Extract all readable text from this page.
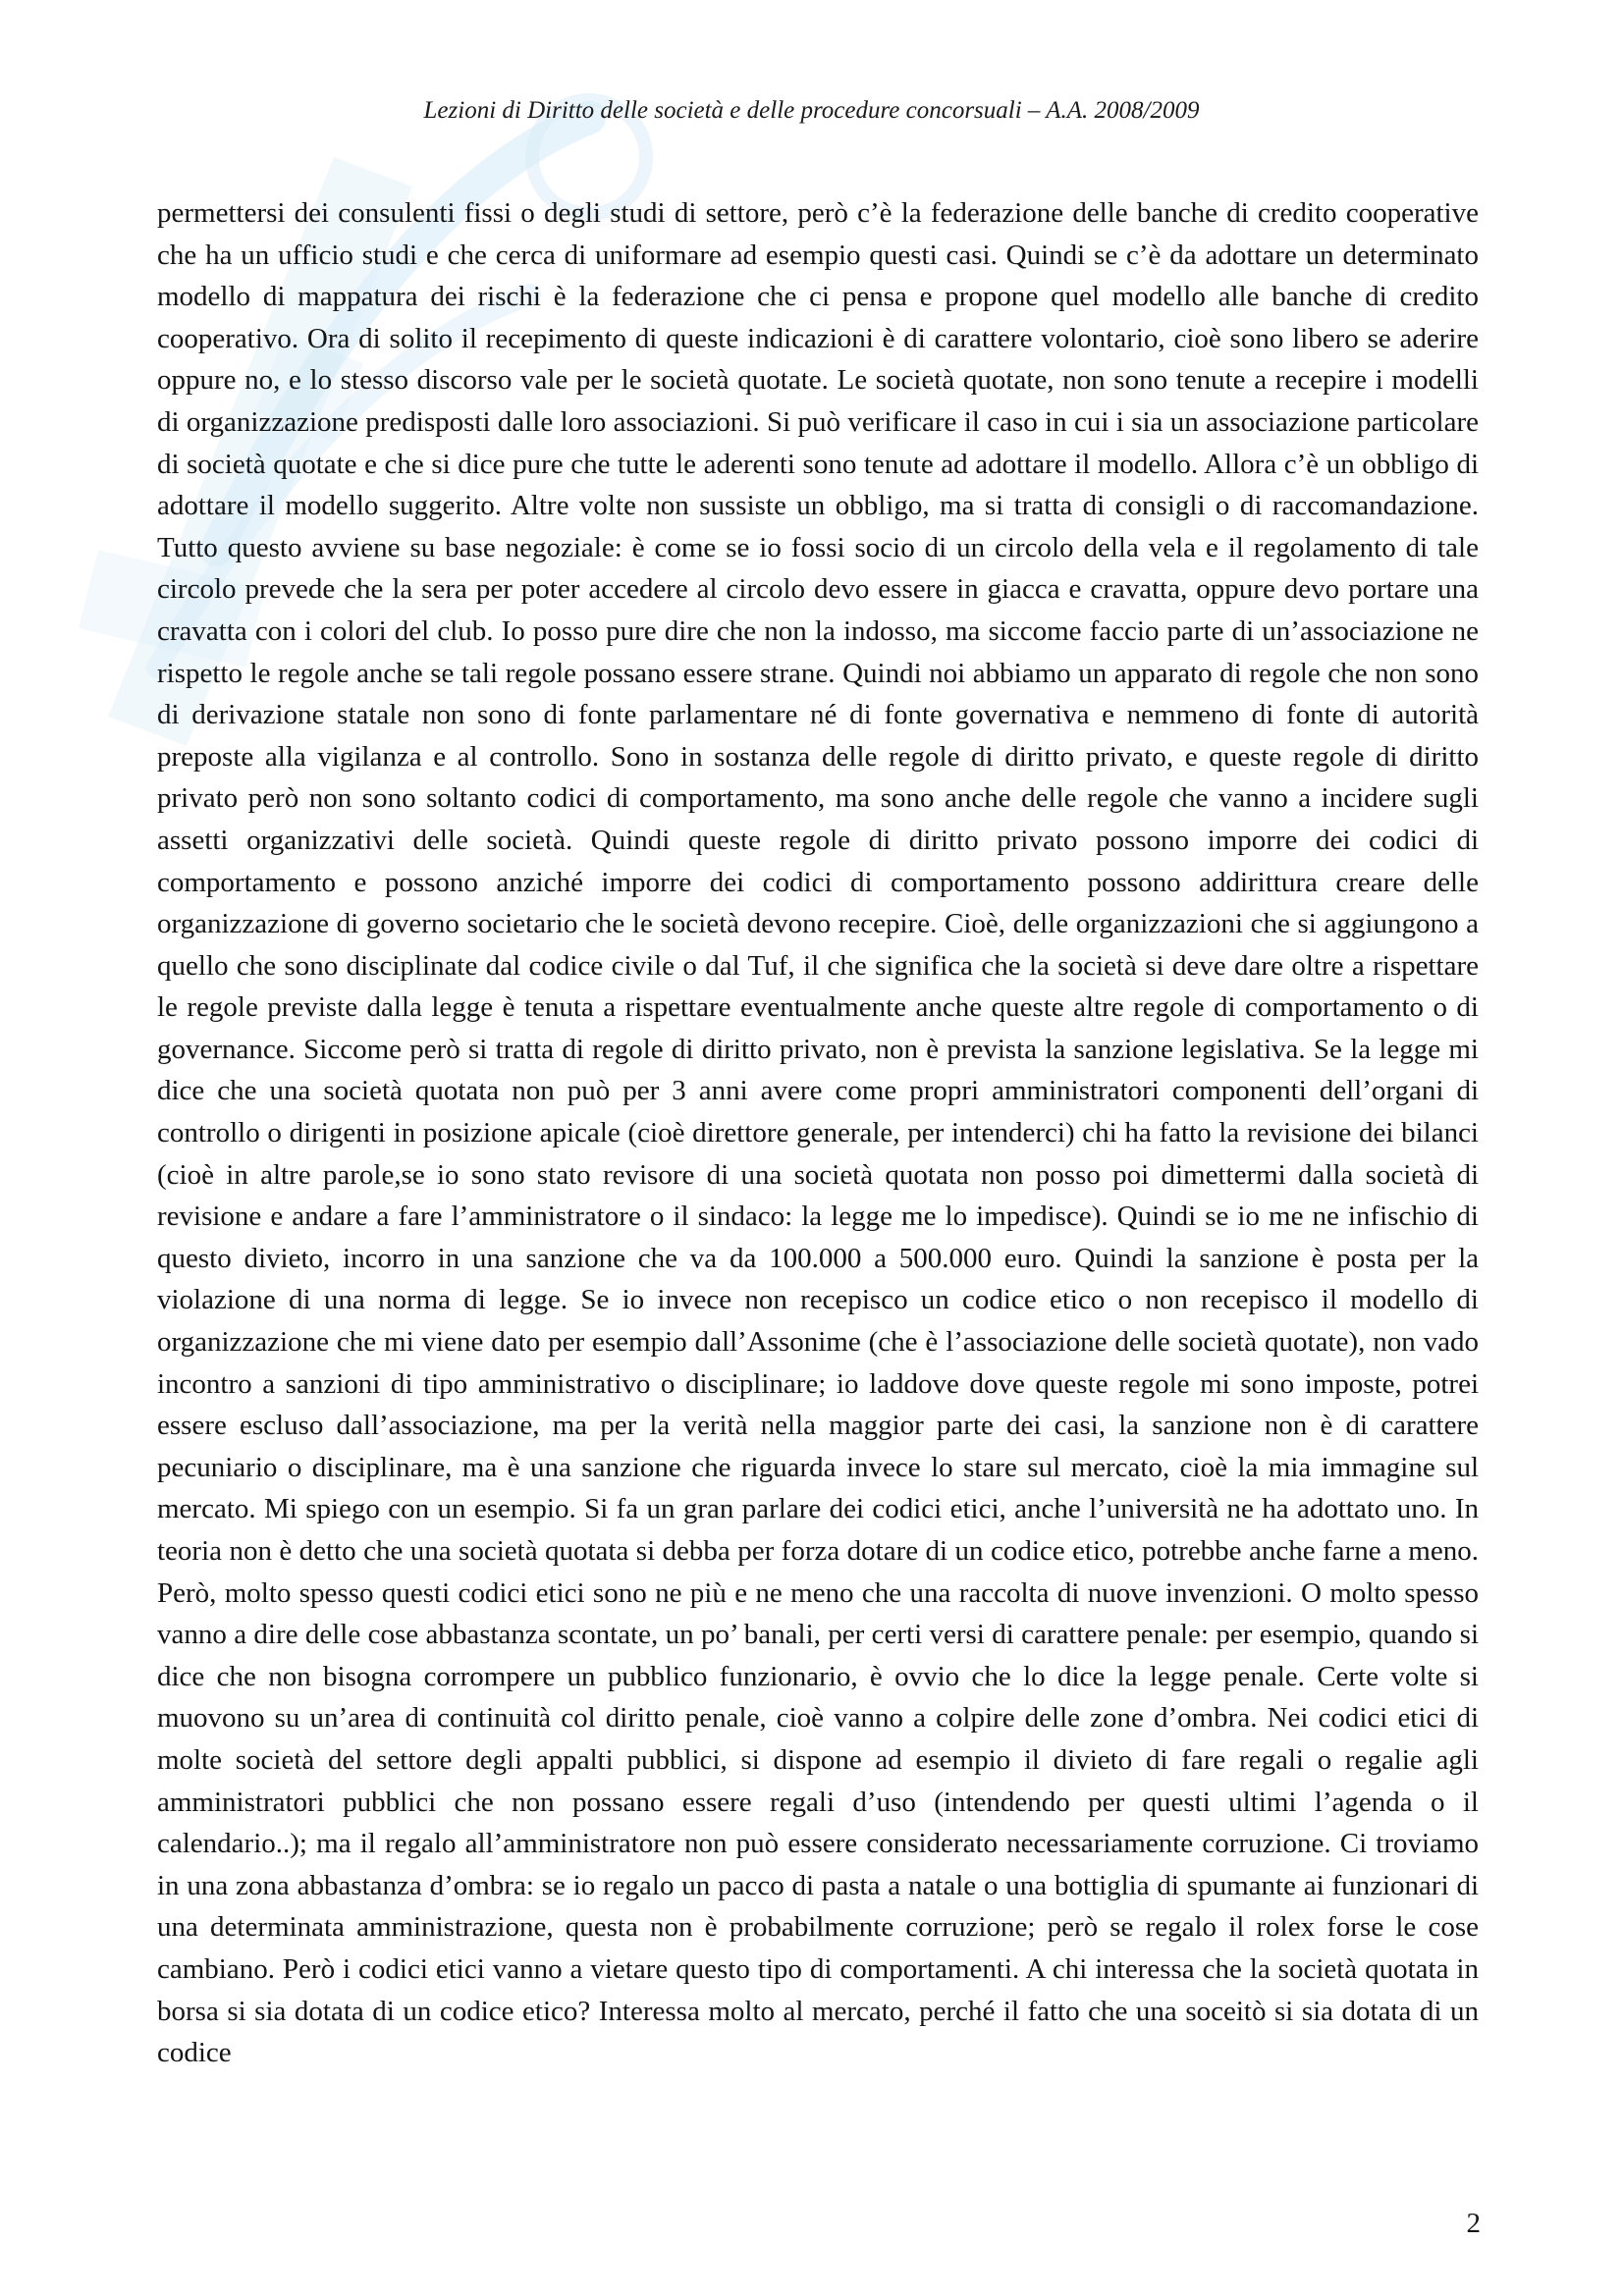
Lezioni di Diritto delle società e delle procedure concorsuali – A.A. 2008/2009

permettersi dei consulenti fissi o degli studi di settore, però c’è la federazione delle banche di credito cooperative che ha un ufficio studi e che cerca di uniformare ad esempio questi casi. Quindi se c’è da adottare un determinato modello di mappatura dei rischi è la federazione che ci pensa e propone quel modello alle banche di credito cooperativo. Ora di solito il recepimento di queste indicazioni è di carattere volontario, cioè sono libero se aderire oppure no, e lo stesso discorso vale per le società quotate. Le società quotate, non sono tenute a recepire i modelli di organizzazione predisposti dalle loro associazioni. Si può verificare il caso in cui i sia un associazione particolare di società quotate e che si dice pure che tutte le aderenti sono tenute ad adottare il modello. Allora c’è un obbligo di adottare il modello suggerito. Altre volte non sussiste un obbligo, ma si tratta di consigli o di raccomandazione. Tutto questo avviene su base negoziale: è come se io fossi socio di un circolo della vela e il regolamento di tale circolo prevede che la sera per poter accedere al circolo devo essere in giacca e cravatta, oppure devo portare una cravatta con i colori del club. Io posso pure dire che non la indosso, ma siccome faccio parte di un’associazione ne rispetto le regole anche se tali regole possano essere strane. Quindi noi abbiamo un apparato di regole che non sono di derivazione statale non sono di fonte parlamentare né di fonte governativa e nemmeno di fonte di autorità preposte alla vigilanza e al controllo. Sono in sostanza delle regole di diritto privato, e queste regole di diritto privato però non sono soltanto codici di comportamento, ma sono anche delle regole che vanno a incidere sugli assetti organizzativi delle società. Quindi queste regole di diritto privato possono imporre dei codici di comportamento e possono anziché imporre dei codici di comportamento possono addirittura creare delle organizzazione di governo societario che le società devono recepire. Cioè, delle organizzazioni che si aggiungono a quello che sono disciplinate dal codice civile o dal Tuf, il che significa che la società si deve dare oltre a rispettare le regole previste dalla legge è tenuta a rispettare eventualmente anche queste altre regole di comportamento o di governance. Siccome però si tratta di regole di diritto privato, non è prevista la sanzione legislativa. Se la legge mi dice che una società quotata non può per 3 anni avere come propri amministratori componenti dell’organi di controllo o dirigenti in posizione apicale (cioè direttore generale, per intenderci) chi ha fatto la revisione dei bilanci (cioè in altre parole,se io sono stato revisore di una società quotata non posso poi dimettermi dalla società di revisione e andare a fare l’amministratore o il sindaco: la legge me lo impedisce). Quindi se io me ne infischio di questo divieto, incorro in una sanzione che va da 100.000 a 500.000 euro. Quindi la sanzione è posta per la violazione di una norma di legge. Se io invece non recepisco un codice etico o non recepisco il modello di organizzazione che mi viene dato per esempio dall’Assonime (che è l’associazione delle società quotate), non vado incontro a sanzioni di tipo amministrativo o disciplinare; io laddove dove queste regole mi sono imposte, potrei essere escluso dall’associazione, ma per la verità nella maggior parte dei casi, la sanzione non è di carattere pecuniario o disciplinare, ma è una sanzione che riguarda invece lo stare sul mercato, cioè la mia immagine sul mercato. Mi spiego con un esempio. Si fa un gran parlare dei codici etici, anche l’università ne ha adottato uno. In teoria non è detto che una società quotata si debba per forza dotare di un codice etico, potrebbe anche farne a meno. Però, molto spesso questi codici etici sono ne più e ne meno che una raccolta di nuove invenzioni. O molto spesso vanno a dire delle cose abbastanza scontate, un po’ banali, per certi versi di carattere penale: per esempio, quando si dice che non bisogna corrompere un pubblico funzionario, è ovvio che lo dice la legge penale. Certe volte si muovono su un’area di continuità col diritto penale, cioè vanno a colpire delle zone d’ombra. Nei codici etici di molte società del settore degli appalti pubblici, si dispone ad esempio il divieto di fare regali o regalie agli amministratori pubblici che non possano essere regali d’uso (intendendo per questi ultimi l’agenda o il calendario..); ma il regalo all’amministratore non può essere considerato necessariamente corruzione. Ci troviamo in una zona abbastanza d’ombra: se io regalo un pacco di pasta a natale o una bottiglia di spumante ai funzionari di una determinata amministrazione, questa non è probabilmente corruzione; però se regalo il rolex forse le cose cambiano. Però i codici etici vanno a vietare questo tipo di comportamenti. A chi interessa che la società quotata in borsa si sia dotata di un codice etico? Interessa molto al mercato, perché il fatto che una soceitò si sia dotata di un codice

2
